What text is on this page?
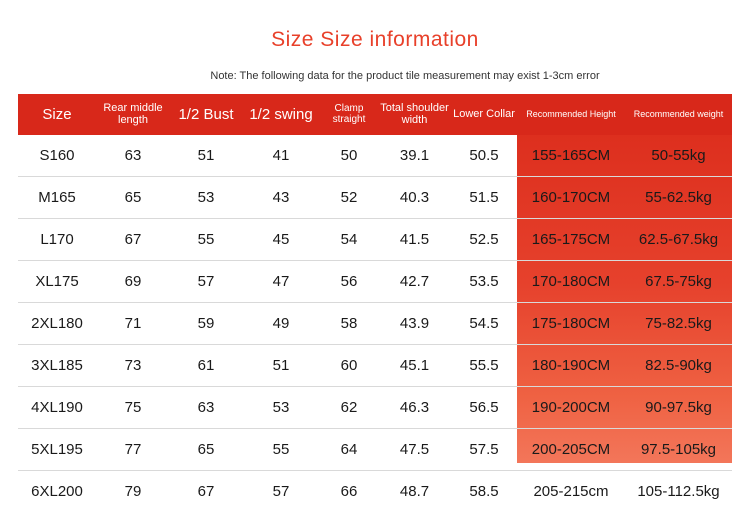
Size Size information
Note: The following data for the product tile measurement may exist 1-3cm error
Size	Rear middle length	1/2 Bust	1/2 swing	Clamp straight	Total shoulder width	Lower Collar	Recommended Height	Recommended weight
S160	63	51	41	50	39.1	50.5	155-165CM	50-55kg
M165	65	53	43	52	40.3	51.5	160-170CM	55-62.5kg
L170	67	55	45	54	41.5	52.5	165-175CM	62.5-67.5kg
XL175	69	57	47	56	42.7	53.5	170-180CM	67.5-75kg
2XL180	71	59	49	58	43.9	54.5	175-180CM	75-82.5kg
3XL185	73	61	51	60	45.1	55.5	180-190CM	82.5-90kg
4XL190	75	63	53	62	46.3	56.5	190-200CM	90-97.5kg
5XL195	77	65	55	64	47.5	57.5	200-205CM	97.5-105kg
6XL200	79	67	57	66	48.7	58.5	205-215cm	105-112.5kg
